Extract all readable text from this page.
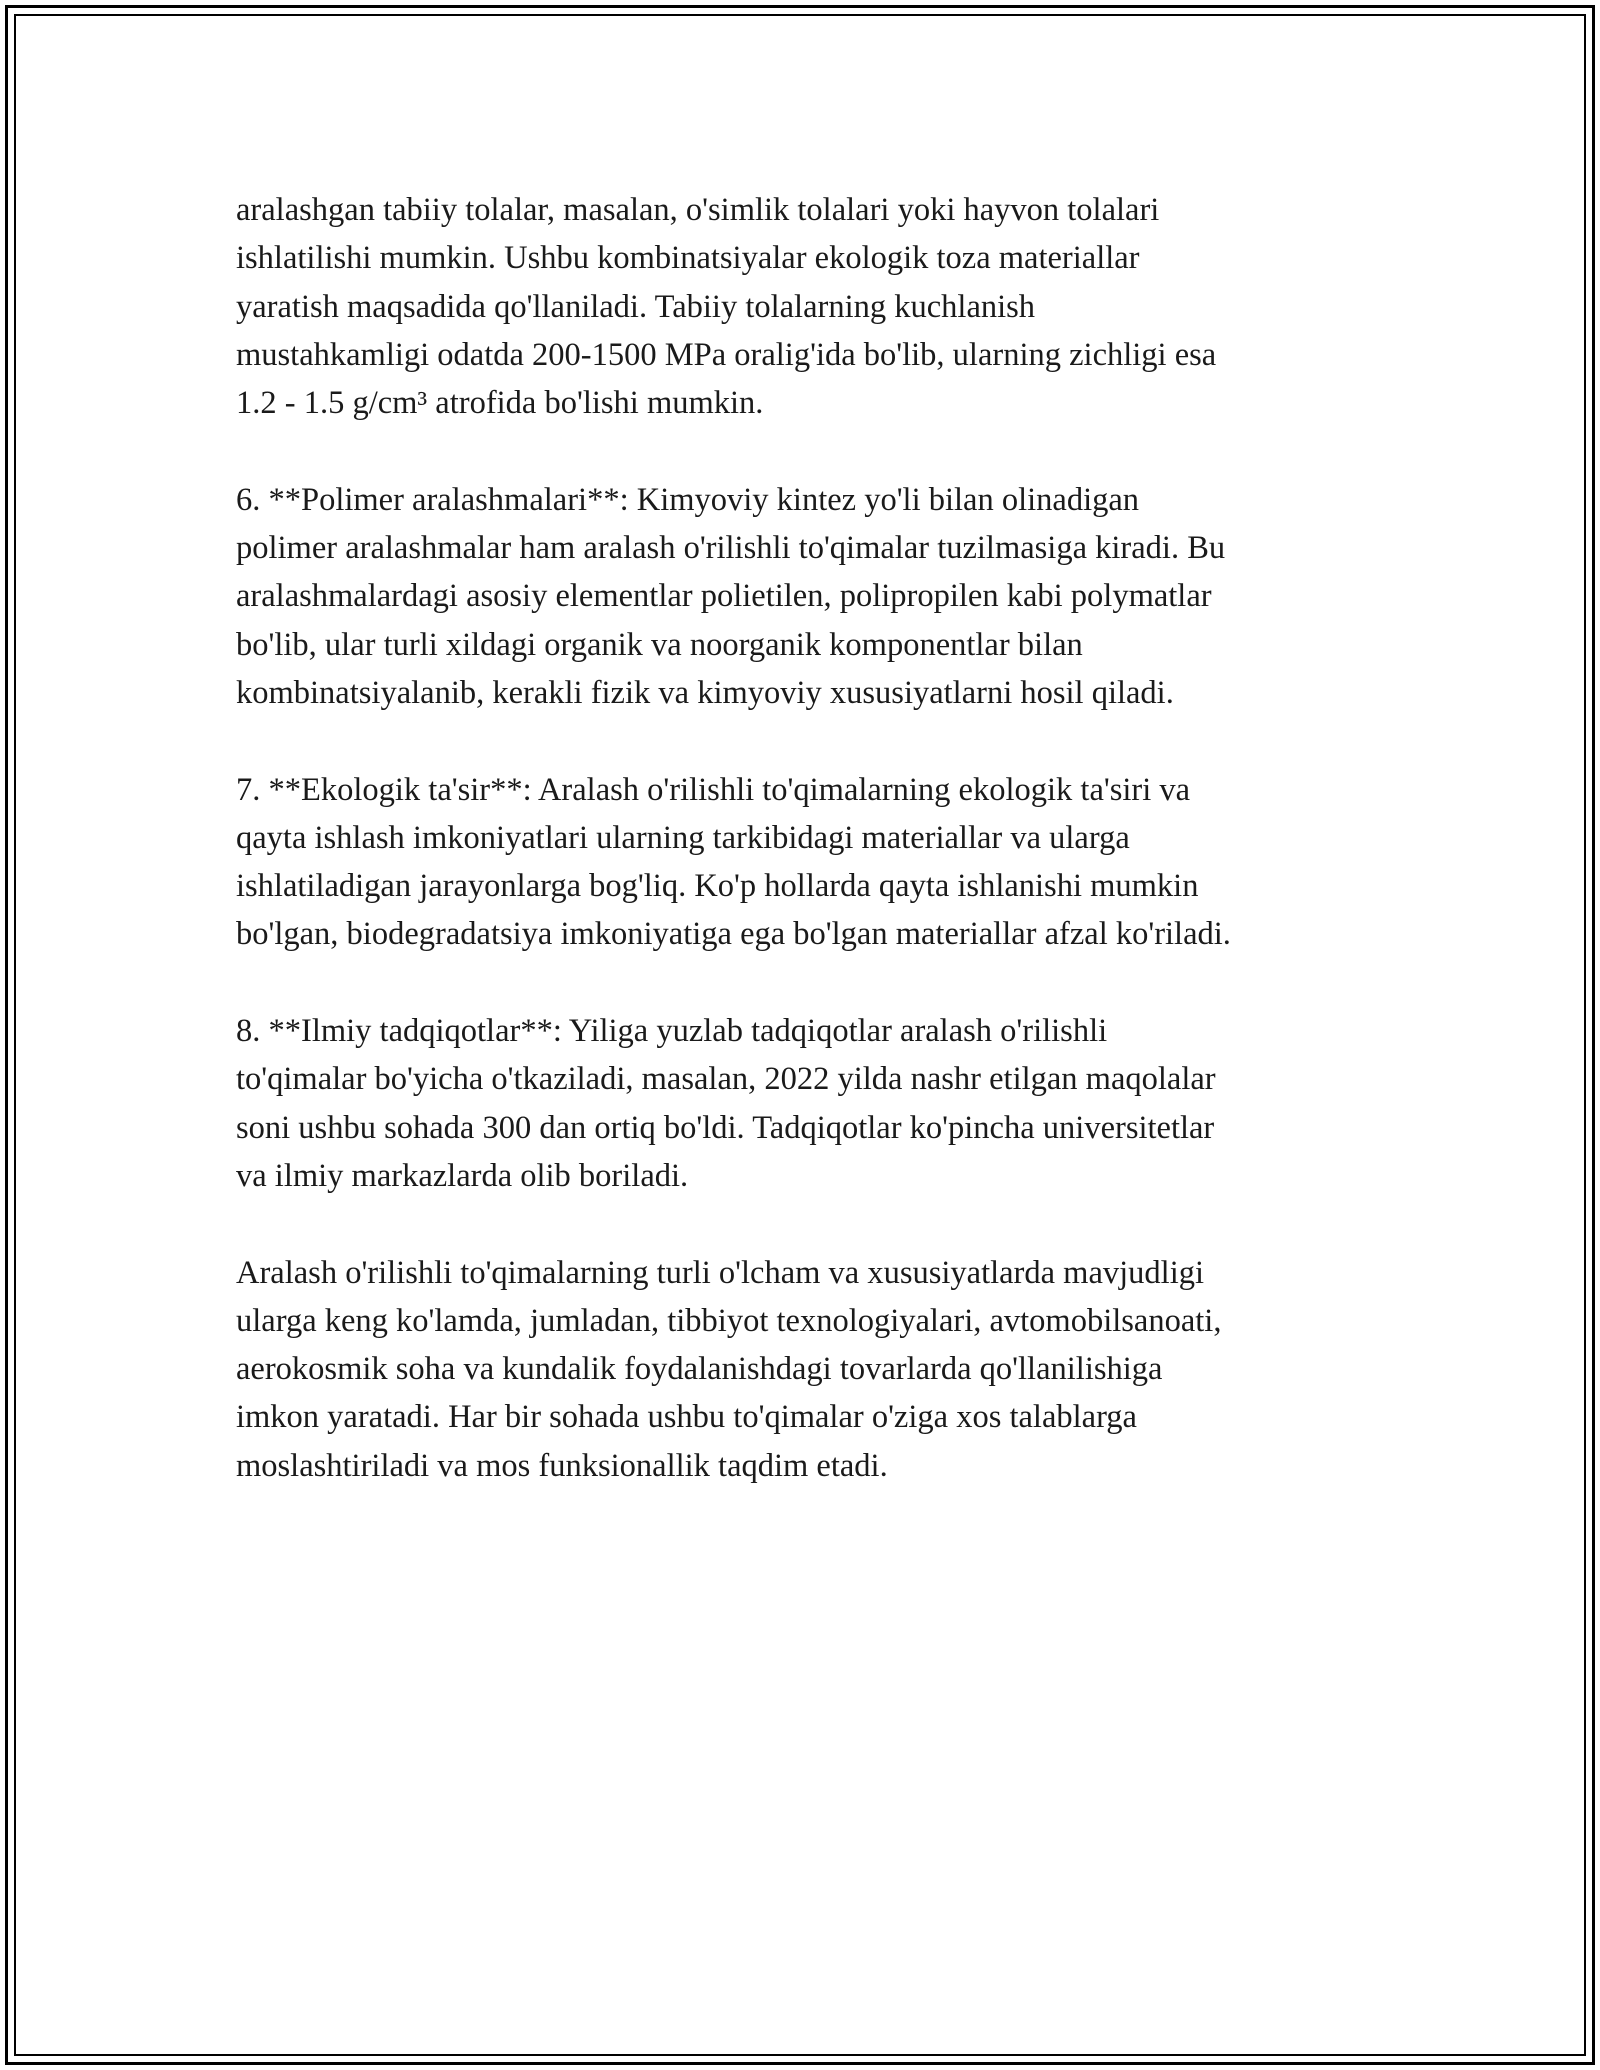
aralashgan tabiiy tolalar, masalan, o'simlik tolalari yoki hayvon tolalari
ishlatilishi mumkin. Ushbu kombinatsiyalar ekologik toza materiallar
yaratish maqsadida qo'llaniladi. Tabiiy tolalarning kuchlanish
mustahkamligi odatda 200-1500 MPa oralig'ida bo'lib, ularning zichligi esa
1.2 - 1.5 g/cm³ atrofida bo'lishi mumkin.

6. **Polimer aralashmalari**: Kimyoviy kintez yo'li bilan olinadigan
polimer aralashmalar ham aralash o'rilishli to'qimalar tuzilmasiga kiradi. Bu
aralashmalardagi asosiy elementlar polietilen, polipropilen kabi polymatlar
bo'lib, ular turli xildagi organik va noorganik komponentlar bilan
kombinatsiyalanib, kerakli fizik va kimyoviy xususiyatlarni hosil qiladi.

7. **Ekologik ta'sir**: Aralash o'rilishli to'qimalarning ekologik ta'siri va
qayta ishlash imkoniyatlari ularning tarkibidagi materiallar va ularga
ishlatiladigan jarayonlarga bog'liq. Ko'p hollarda qayta ishlanishi mumkin
bo'lgan, biodegradatsiya imkoniyatiga ega bo'lgan materiallar afzal ko'riladi.

8. **Ilmiy tadqiqotlar**: Yiliga yuzlab tadqiqotlar aralash o'rilishli
to'qimalar bo'yicha o'tkaziladi, masalan, 2022 yilda nashr etilgan maqolalar
soni ushbu sohada 300 dan ortiq bo'ldi. Tadqiqotlar ko'pincha universitetlar
va ilmiy markazlarda olib boriladi.

Aralash o'rilishli to'qimalarning turli o'lcham va xususiyatlarda mavjudligi
ularga keng ko'lamda, jumladan, tibbiyot texnologiyalari, avtomobilsanoati,
aerokosmik soha va kundalik foydalanishdagi tovarlarda qo'llanilishiga
imkon yaratadi. Har bir sohada ushbu to'qimalar o'ziga xos talablarga
moslashtiriladi va mos funksionallik taqdim etadi.
